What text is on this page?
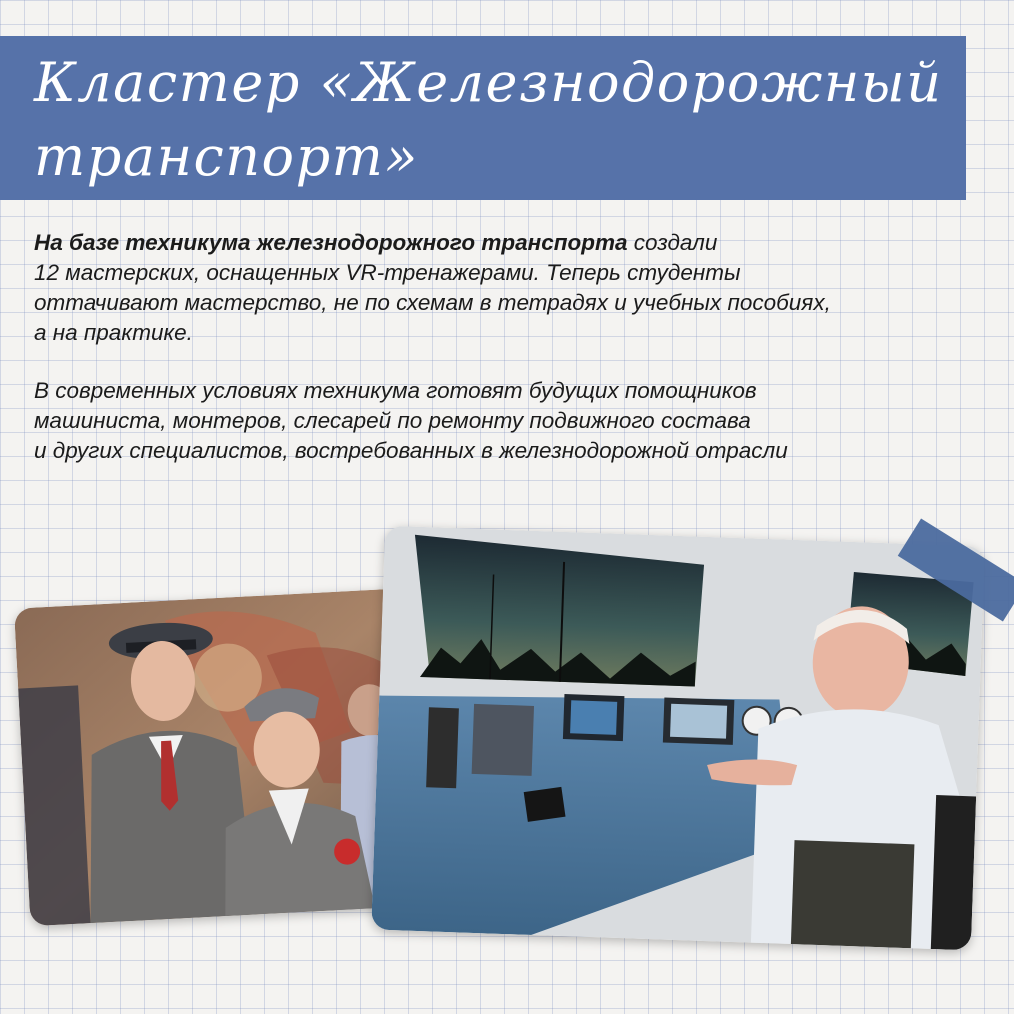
Кластер «Железнодорожный
транспорт»
На базе техникума железнодорожного транспорта создали
12 мастерских, оснащенных VR-тренажерами. Теперь студенты
оттачивают мастерство, не по схемам в тетрадях и учебных пособиях,
а на практике.
В современных условиях техникума готовят будущих помощников
машиниста, монтеров, слесарей по ремонту подвижного состава
и других специалистов, востребованных в железнодорожной отрасли
